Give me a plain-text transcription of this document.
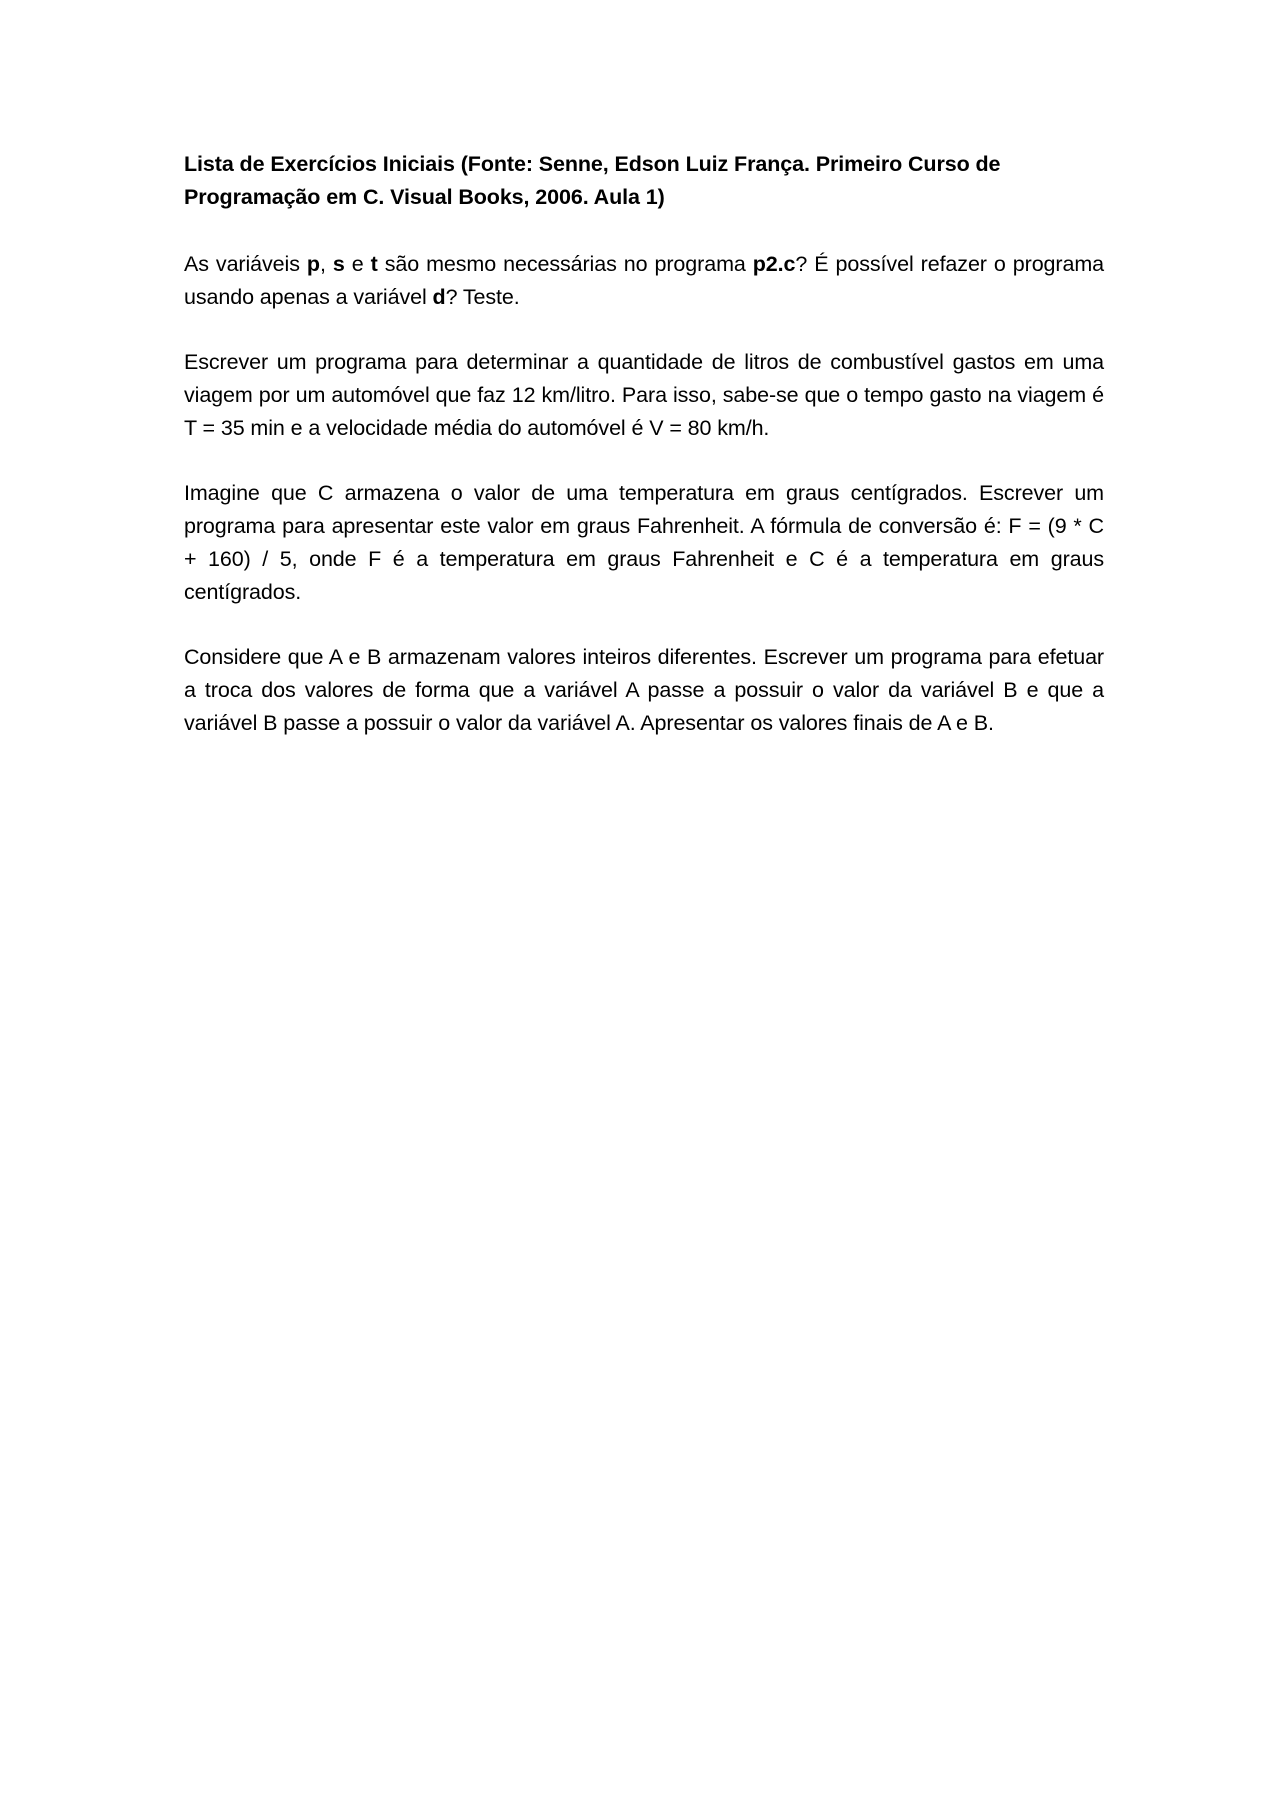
Lista de Exercícios Iniciais (Fonte: Senne, Edson Luiz França. Primeiro Curso de Programação em C. Visual Books, 2006. Aula 1)

As variáveis p, s e t são mesmo necessárias no programa p2.c? É possível refazer o programa usando apenas a variável d? Teste.

Escrever um programa para determinar a quantidade de litros de combustível gastos em uma viagem por um automóvel que faz 12 km/litro. Para isso, sabe-se que o tempo gasto na viagem é T = 35 min e a velocidade média do automóvel é V = 80 km/h.

Imagine que C armazena o valor de uma temperatura em graus centígrados. Escrever um programa para apresentar este valor em graus Fahrenheit. A fórmula de conversão é: F = (9 * C + 160) / 5, onde F é a temperatura em graus Fahrenheit e C é a temperatura em graus centígrados.

Considere que A e B armazenam valores inteiros diferentes. Escrever um programa para efetuar a troca dos valores de forma que a variável A passe a possuir o valor da variável B e que a variável B passe a possuir o valor da variável A. Apresentar os valores finais de A e B.
